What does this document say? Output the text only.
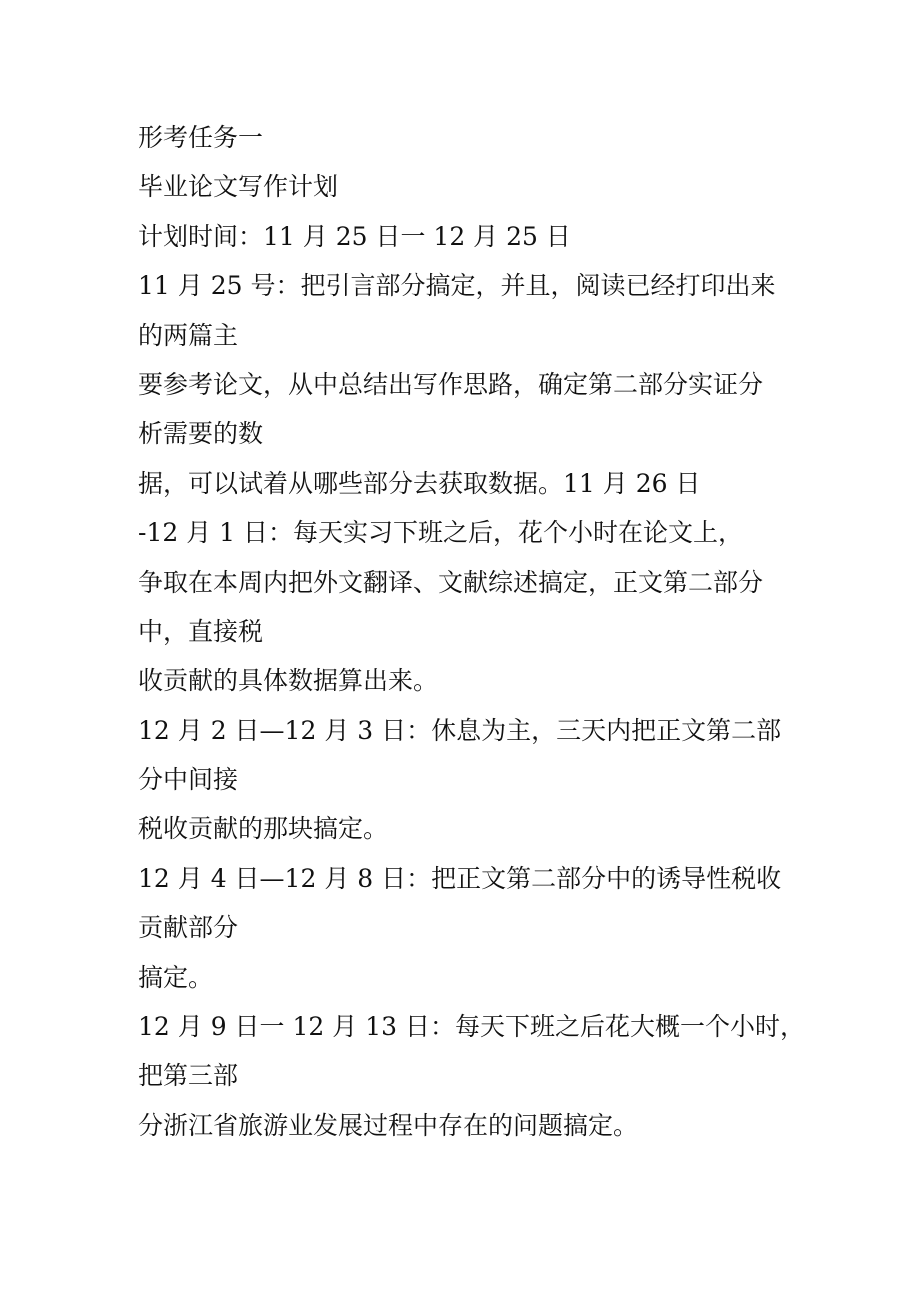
形考任务一
毕业论文写作计划
计划时间：11 月 25 日一 12 月 25 日
11 月 25 号：把引言部分搞定，并且，阅读已经打印出来
的两篇主
要参考论文，从中总结出写作思路，确定第二部分实证分
析需要的数
据，可以试着从哪些部分去获取数据。11 月 26 日
-12 月 1 日：每天实习下班之后，花个小时在论文上，
争取在本周内把外文翻译、文献综述搞定，正文第二部分
中，直接税
收贡献的具体数据算出来。
12 月 2 日—12 月 3 日：休息为主，三天内把正文第二部
分中间接
税收贡献的那块搞定。
12 月 4 日—12 月 8 日：把正文第二部分中的诱导性税收
贡献部分
搞定。
12 月 9 日一 12 月 13 日：每天下班之后花大概一个小时，
把第三部
分浙江省旅游业发展过程中存在的问题搞定。
